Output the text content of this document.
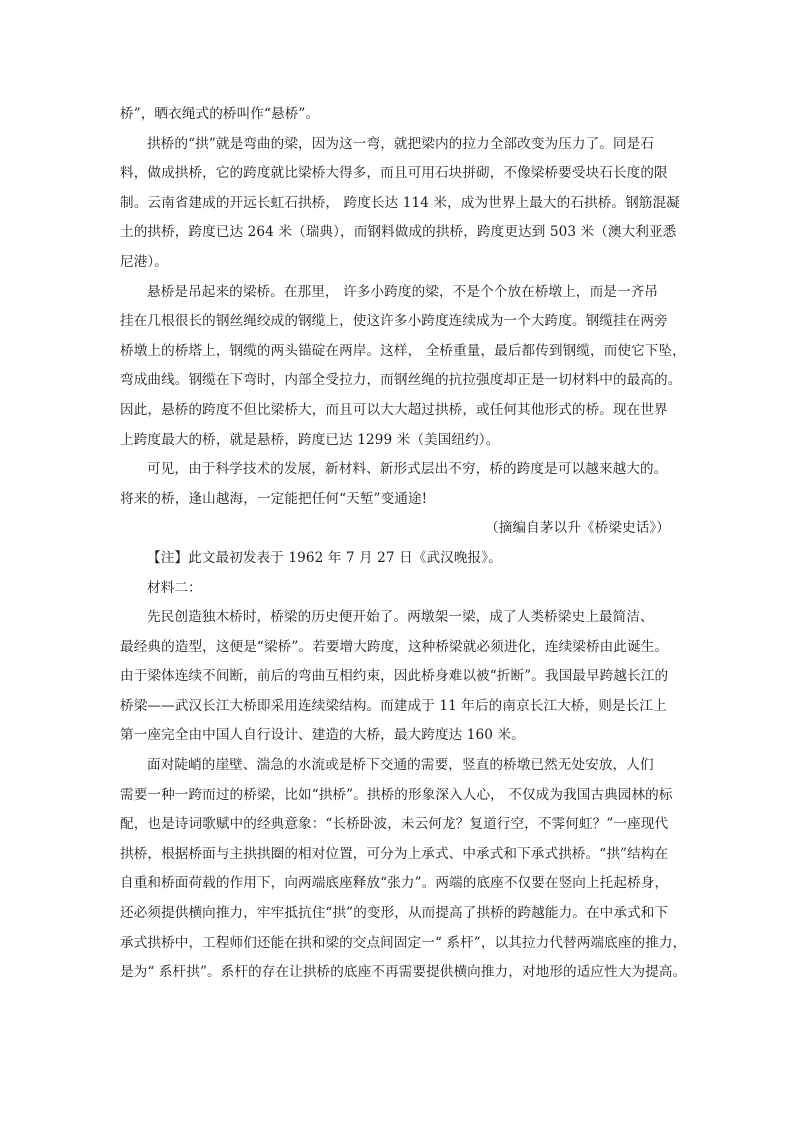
桥”，晒衣绳式的桥叫作“悬桥”。
拱桥的“拱”就是弯曲的梁，因为这一弯，就把梁内的拉力全部改变为压力了。同是石
料，做成拱桥，它的跨度就比梁桥大得多，而且可用石块拼砌，不像梁桥要受块石长度的限
制。云南省建成的开远长虹石拱桥， 跨度长达 114 米，成为世界上最大的石拱桥。钢筋混凝
土的拱桥，跨度已达 264 米（瑞典），而钢料做成的拱桥，跨度更达到 503 米（澳大利亚悉
尼港）。
悬桥是吊起来的梁桥。在那里， 许多小跨度的梁，不是个个放在桥墩上，而是一齐吊
挂在几根很长的钢丝绳绞成的钢缆上，使这许多小跨度连续成为一个大跨度。钢缆挂在两旁
桥墩上的桥塔上，钢缆的两头锚碇在两岸。这样， 全桥重量，最后都传到钢缆，而使它下坠，
弯成曲线。钢缆在下弯时，内部全受拉力，而钢丝绳的抗拉强度却正是一切材料中的最高的。
因此，悬桥的跨度不但比梁桥大，而且可以大大超过拱桥，或任何其他形式的桥。现在世界
上跨度最大的桥，就是悬桥，跨度已达 1299 米（美国纽约）。
可见，由于科学技术的发展，新材料、新形式层出不穷，桥的跨度是可以越来越大的。
将来的桥，逢山越海，一定能把任何“天堑”变通途!
（摘编自茅以升《桥梁史话》）
【注】此文最初发表于 1962 年 7 月 27 日《武汉晚报》。
材料二：
先民创造独木桥时，桥梁的历史便开始了。两墩架一梁，成了人类桥梁史上最简洁、
最经典的造型，这便是“梁桥”。若要增大跨度，这种桥梁就必须进化，连续梁桥由此诞生。
由于梁体连续不间断，前后的弯曲互相约束，因此桥身难以被“折断”。我国最早跨越长江的
桥梁——武汉长江大桥即采用连续梁结构。而建成于 11 年后的南京长江大桥，则是长江上
第一座完全由中国人自行设计、建造的大桥，最大跨度达 160 米。
面对陡峭的崖壁、湍急的水流或是桥下交通的需要，竖直的桥墩已然无处安放，人们
需要一种一跨而过的桥梁，比如“拱桥”。拱桥的形象深入人心， 不仅成为我国古典园林的标
配，也是诗词歌赋中的经典意象：“长桥卧波，未云何龙？复道行空，不霁何虹？”一座现代
拱桥，根据桥面与主拱拱圈的相对位置，可分为上承式、中承式和下承式拱桥。“拱”结构在
自重和桥面荷载的作用下，向两端底座释放“张力”。两端的底座不仅要在竖向上托起桥身，
还必须提供横向推力，牢牢抵抗住“拱”的变形，从而提高了拱桥的跨越能力。在中承式和下
承式拱桥中，工程师们还能在拱和梁的交点间固定一“ 系杆”，以其拉力代替两端底座的推力，
是为“ 系杆拱”。系杆的存在让拱桥的底座不再需要提供横向推力，对地形的适应性大为提高。
